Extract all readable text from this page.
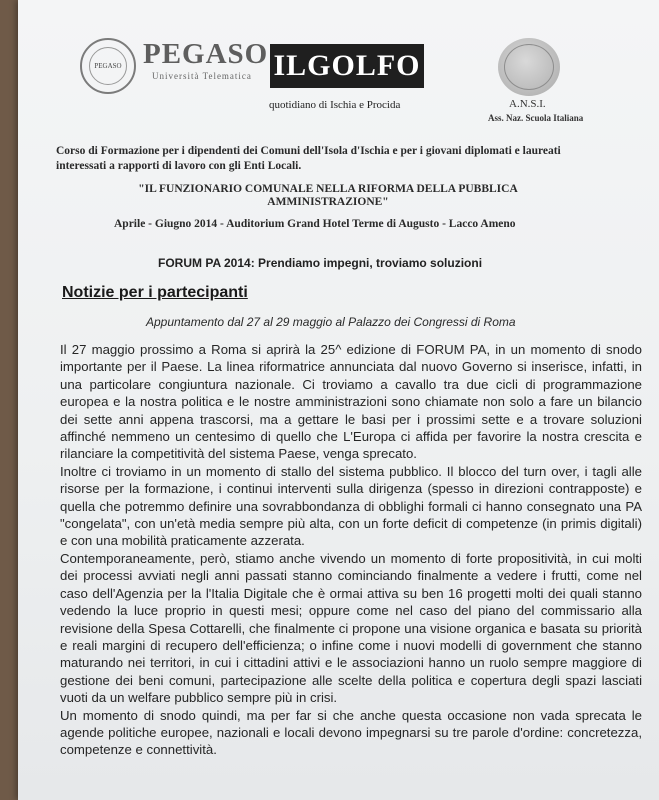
PEGASO PEGASO
Università Telematica ILGOLFO
quotidiano di Ischia e Procida	A.N.S.I.
Ass. Naz. Scuola Italiana
Corso di Formazione per i dipendenti dei Comuni dell'Isola d'Ischia e per i giovani diplomati e laureati interessati a rapporti di lavoro con gli Enti Locali.
"IL FUNZIONARIO COMUNALE NELLA RIFORMA DELLA PUBBLICA AMMINISTRAZIONE"
Aprile - Giugno 2014 - Auditorium Grand Hotel Terme di Augusto - Lacco Ameno
FORUM PA 2014: Prendiamo impegni, troviamo soluzioni
Notizie per i partecipanti
Appuntamento dal 27 al 29 maggio al Palazzo dei Congressi di Roma

Il 27 maggio prossimo a Roma si aprirà la 25^ edizione di FORUM PA, in un momento di snodo importante per il Paese. La linea riformatrice annunciata dal nuovo Governo si inserisce, infatti, in una particolare congiuntura nazionale. Ci troviamo a cavallo tra due cicli di programmazione europea e la nostra politica e le nostre amministrazioni sono chiamate non solo a fare un bilancio dei sette anni appena trascorsi, ma a gettare le basi per i prossimi sette e a trovare soluzioni affinché nemmeno un centesimo di quello che L'Europa ci affida per favorire la nostra crescita e rilanciare la competitività del sistema Paese, venga sprecato.

Inoltre ci troviamo in un momento di stallo del sistema pubblico. Il blocco del turn over, i tagli alle risorse per la formazione, i continui interventi sulla dirigenza (spesso in direzioni contrapposte) e quella che potremmo definire una sovrabbondanza di obblighi formali ci hanno consegnato una PA "congelata", con un'età media sempre più alta, con un forte deficit di competenze (in primis digitali) e con una mobilità praticamente azzerata.

Contemporaneamente, però, stiamo anche vivendo un momento di forte propositività, in cui molti dei processi avviati negli anni passati stanno cominciando finalmente a vedere i frutti, come nel caso dell'Agenzia per la l'Italia Digitale che è ormai attiva su ben 16 progetti molti dei quali stanno vedendo la luce proprio in questi mesi; oppure come nel caso del piano del commissario alla revisione della Spesa Cottarelli, che finalmente ci propone una visione organica e basata su priorità e reali margini di recupero dell'efficienza; o infine come i nuovi modelli di government che stanno maturando nei territori, in cui i cittadini attivi e le associazioni hanno un ruolo sempre maggiore di gestione dei beni comuni, partecipazione alle scelte della politica e copertura degli spazi lasciati vuoti da un welfare pubblico sempre più in crisi.

Un momento di snodo quindi, ma per far si che anche questa occasione non vada sprecata le agende politiche europee, nazionali e locali devono impegnarsi su tre parole d'ordine: concretezza, competenze e connettività.
